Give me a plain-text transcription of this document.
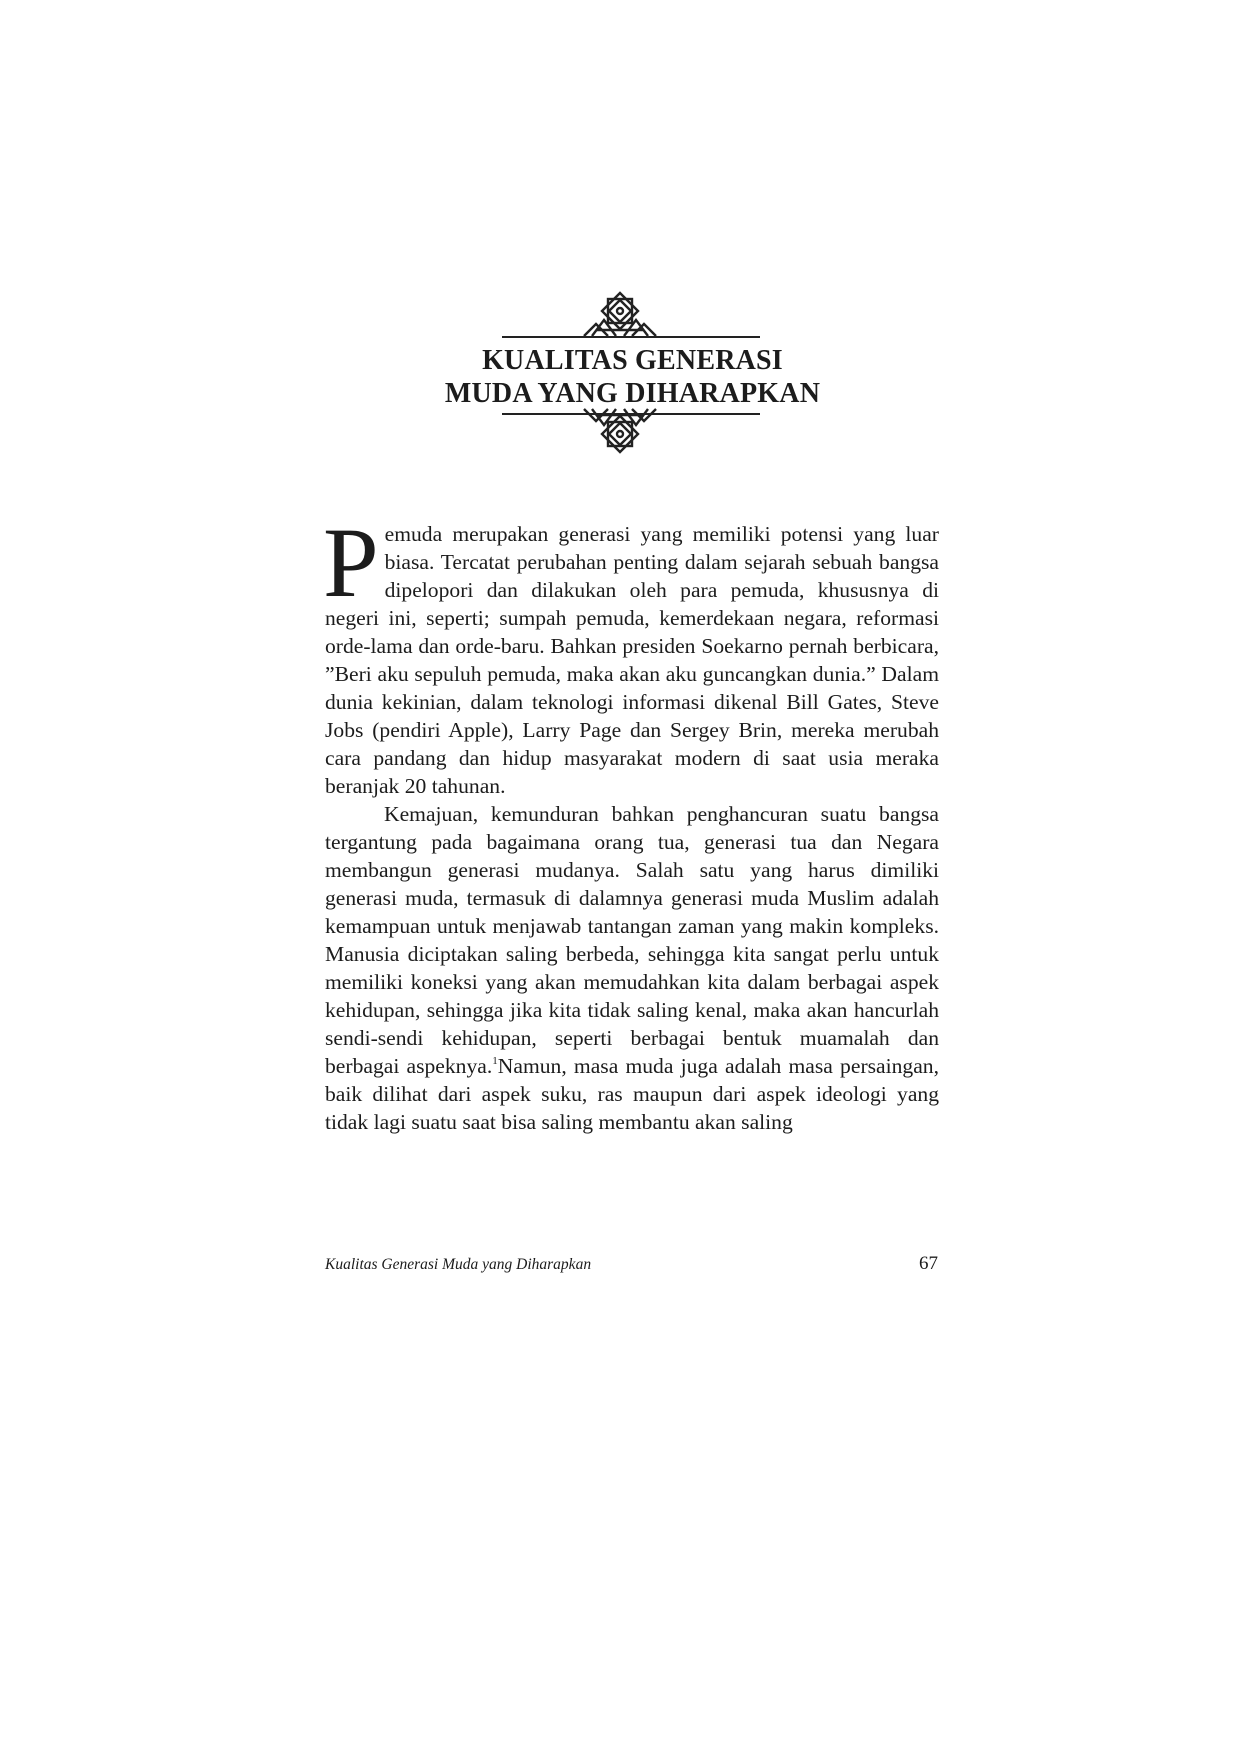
KUALITAS GENERASI
MUDA YANG DIHARAPKAN

Pemuda merupakan generasi yang memiliki potensi yang luar biasa. Tercatat perubahan penting dalam sejarah sebuah bangsa dipelopori dan dilakukan oleh para pemuda, khususnya di negeri ini, seperti; sumpah pemuda, kemerdekaan negara, reformasi orde-lama dan orde-baru. Bahkan presiden Soekarno pernah berbicara, ”Beri aku sepuluh pemuda, maka akan aku guncangkan dunia.” Dalam dunia kekinian, dalam teknologi informasi dikenal Bill Gates, Steve Jobs (pendiri Apple), Larry Page dan Sergey Brin, mereka merubah cara pandang dan hidup masyarakat modern di saat usia meraka beranjak 20 tahunan.

Kemajuan, kemunduran bahkan penghancuran suatu bangsa tergantung pada bagaimana orang tua, generasi tua dan Negara membangun generasi mudanya. Salah satu yang harus dimiliki generasi muda, termasuk di dalamnya generasi muda Muslim adalah kemampuan untuk menjawab tantangan zaman yang makin kompleks. Manusia diciptakan saling berbeda, sehingga kita sangat perlu untuk memiliki koneksi yang akan memudahkan kita dalam berbagai aspek kehidupan, sehingga jika kita tidak saling kenal, maka akan hancurlah sendi-sendi kehidupan, seperti berbagai bentuk muamalah dan berbagai aspeknya.$^1$Namun, masa muda juga adalah masa persaingan, baik dilihat dari aspek suku, ras maupun dari aspek ideologi yang tidak lagi suatu saat bisa saling membantu akan saling

Kualitas Generasi Muda yang Diharapkan	67
